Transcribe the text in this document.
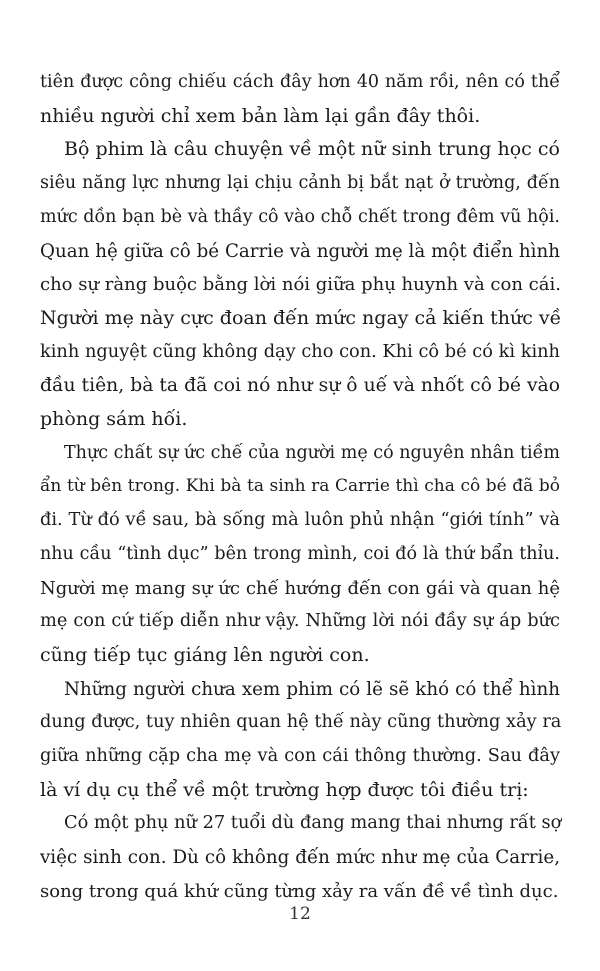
tiên được công chiếu cách đây hơn 40 năm rồi, nên có thể
nhiều người chỉ xem bản làm lại gần đây thôi.

Bộ phim là câu chuyện về một nữ sinh trung học có
siêu năng lực nhưng lại chịu cảnh bị bắt nạt ở trường, đến
mức dồn bạn bè và thầy cô vào chỗ chết trong đêm vũ hội.
Quan hệ giữa cô bé Carrie và người mẹ là một điển hình
cho sự ràng buộc bằng lời nói giữa phụ huynh và con cái.
Người mẹ này cực đoan đến mức ngay cả kiến thức về
kinh nguyệt cũng không dạy cho con. Khi cô bé có kì kinh
đầu tiên, bà ta đã coi nó như sự ô uế và nhốt cô bé vào
phòng sám hối.

Thực chất sự ức chế của người mẹ có nguyên nhân tiềm
ẩn từ bên trong. Khi bà ta sinh ra Carrie thì cha cô bé đã bỏ
đi. Từ đó về sau, bà sống mà luôn phủ nhận “giới tính” và
nhu cầu “tình dục” bên trong mình, coi đó là thứ bẩn thỉu.
Người mẹ mang sự ức chế hướng đến con gái và quan hệ
mẹ con cứ tiếp diễn như vậy. Những lời nói đầy sự áp bức
cũng tiếp tục giáng lên người con.

Những người chưa xem phim có lẽ sẽ khó có thể hình
dung được, tuy nhiên quan hệ thế này cũng thường xảy ra
giữa những cặp cha mẹ và con cái thông thường. Sau đây
là ví dụ cụ thể về một trường hợp được tôi điều trị:

Có một phụ nữ 27 tuổi dù đang mang thai nhưng rất sợ
việc sinh con. Dù cô không đến mức như mẹ của Carrie,
song trong quá khứ cũng từng xảy ra vấn đề về tình dục.

12
